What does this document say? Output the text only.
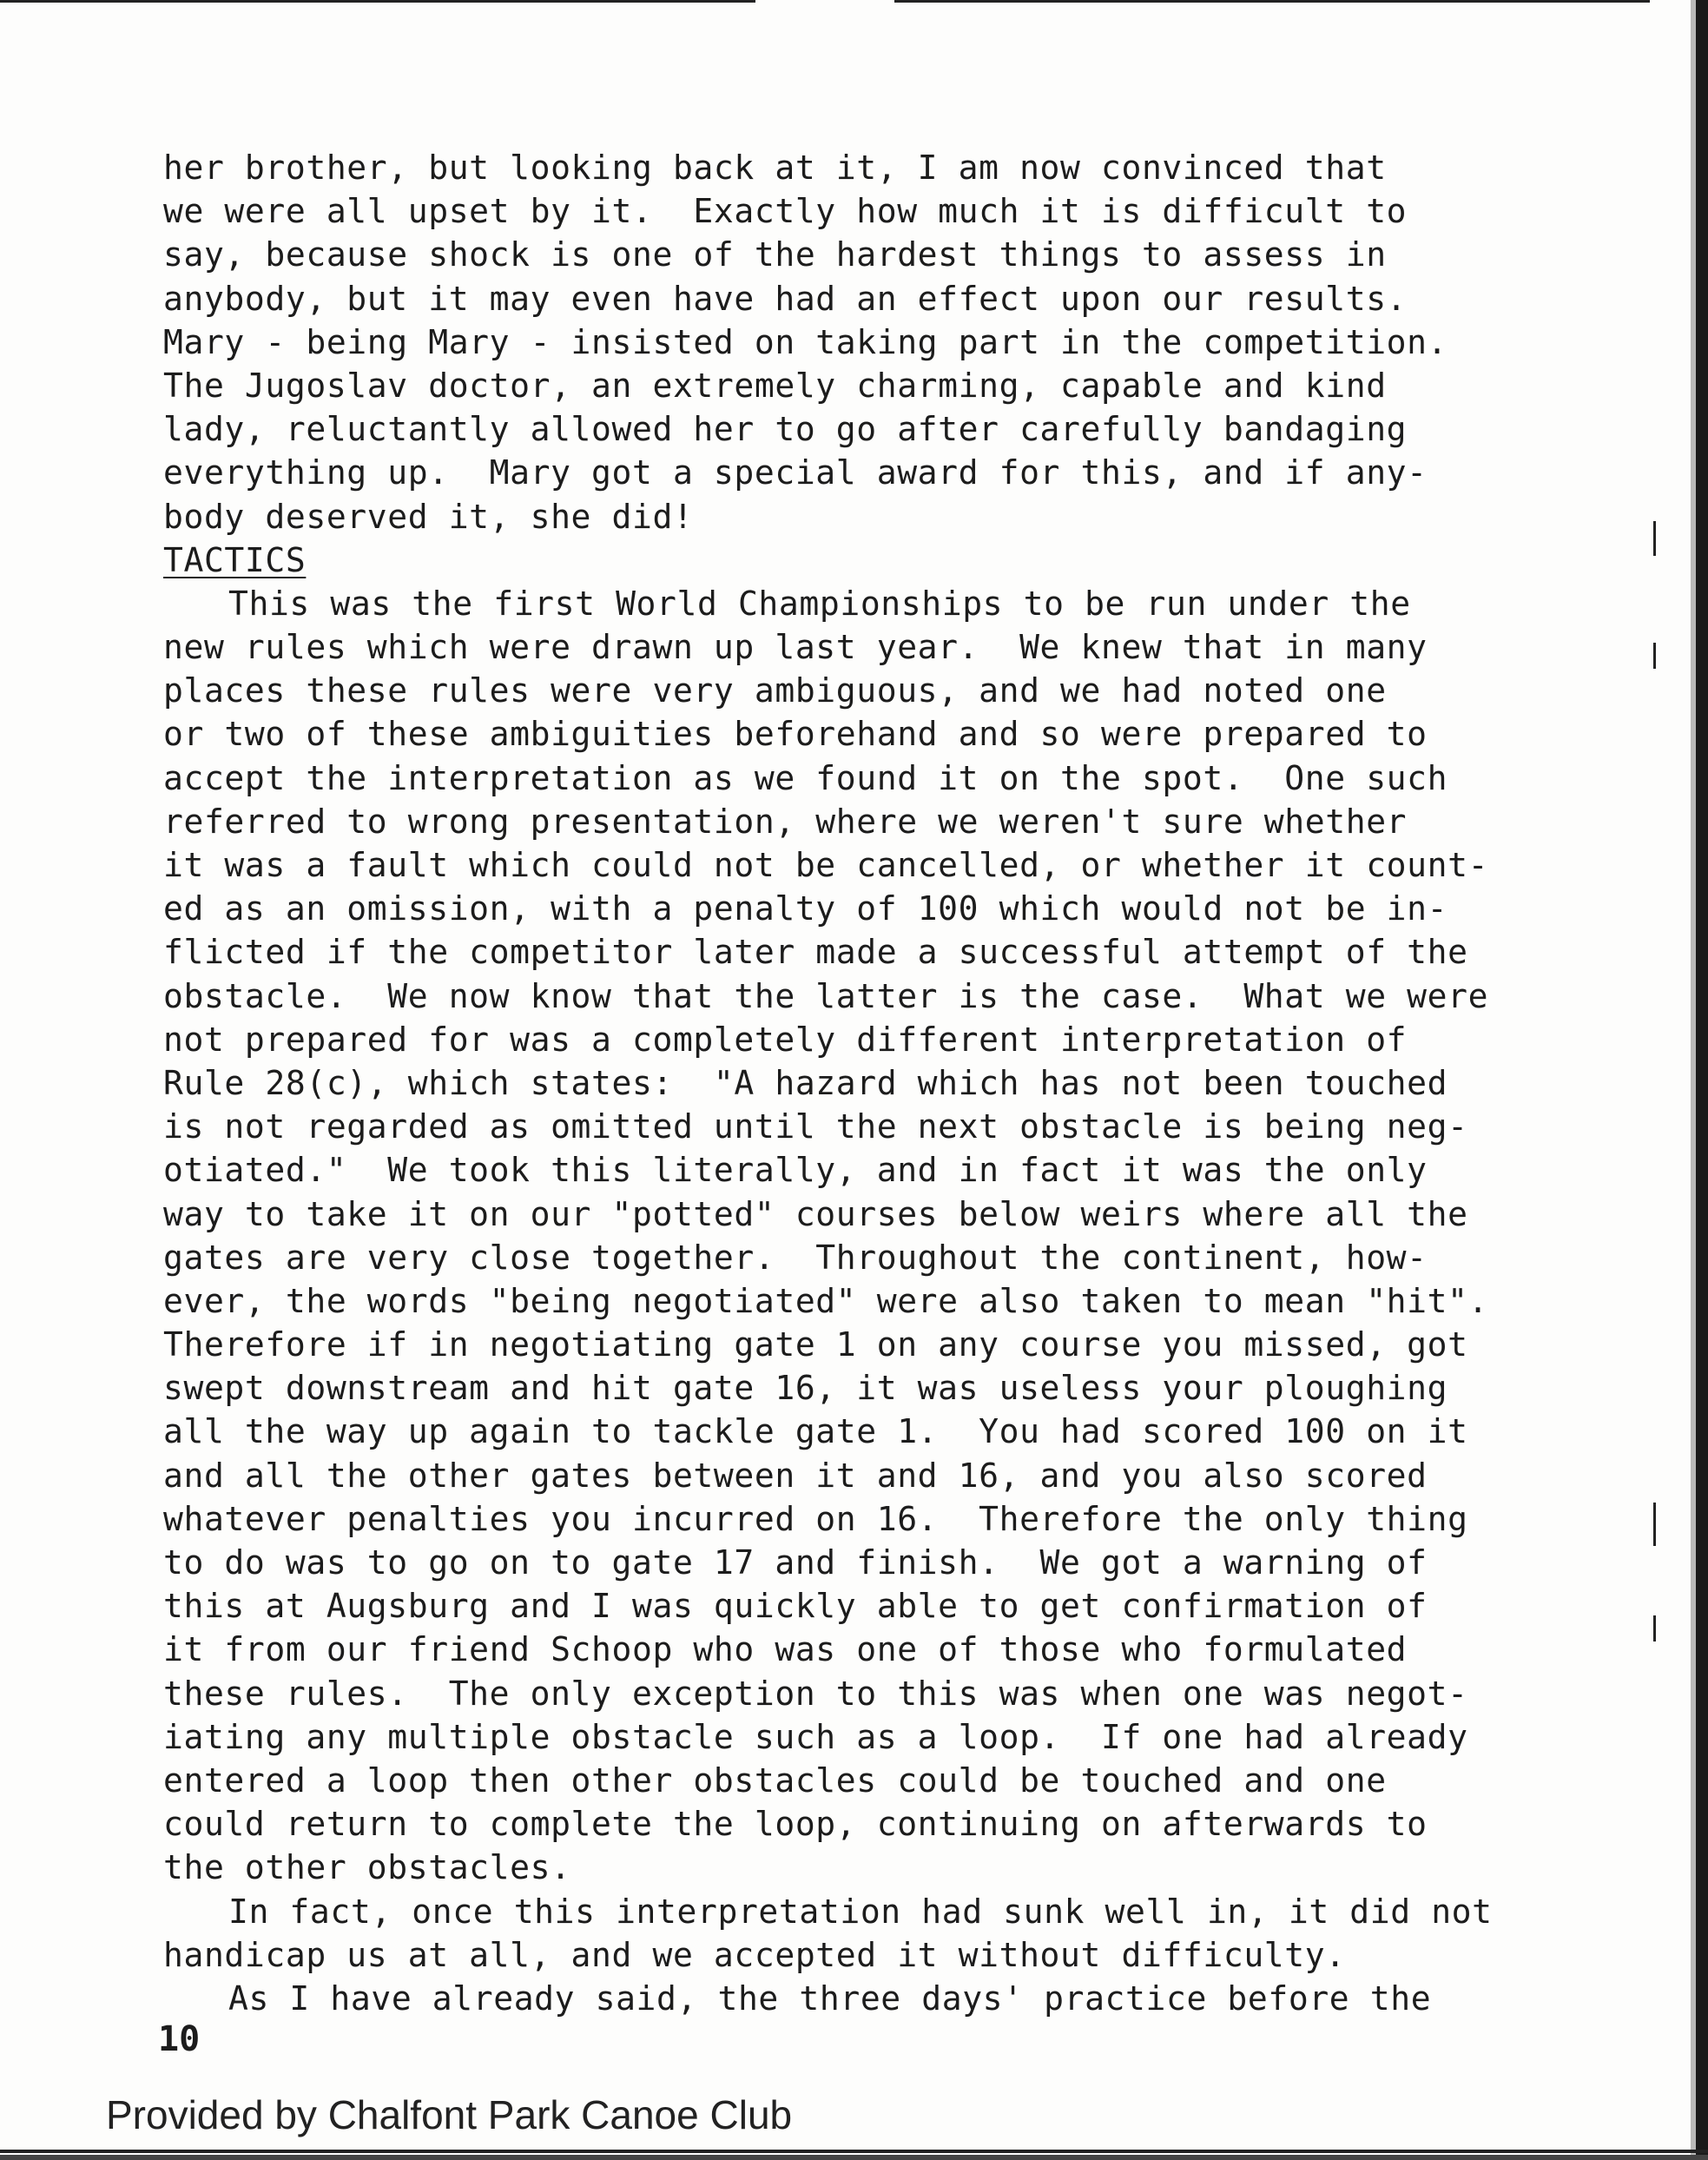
her brother, but looking back at it, I am now convinced that
we were all upset by it.  Exactly how much it is difficult to
say, because shock is one of the hardest things to assess in
anybody, but it may even have had an effect upon our results.
Mary - being Mary - insisted on taking part in the competition.
The Jugoslav doctor, an extremely charming, capable and kind
lady, reluctantly allowed her to go after carefully bandaging
everything up.  Mary got a special award for this, and if any-
body deserved it, she did!
TACTICS
This was the first World Championships to be run under the
new rules which were drawn up last year.  We knew that in many
places these rules were very ambiguous, and we had noted one
or two of these ambiguities beforehand and so were prepared to
accept the interpretation as we found it on the spot.  One such
referred to wrong presentation, where we weren't sure whether
it was a fault which could not be cancelled, or whether it count-
ed as an omission, with a penalty of 100 which would not be in-
flicted if the competitor later made a successful attempt of the
obstacle.  We now know that the latter is the case.  What we were
not prepared for was a completely different interpretation of
Rule 28(c), which states:  "A hazard which has not been touched
is not regarded as omitted until the next obstacle is being neg-
otiated."  We took this literally, and in fact it was the only
way to take it on our "potted" courses below weirs where all the
gates are very close together.  Throughout the continent, how-
ever, the words "being negotiated" were also taken to mean "hit".
Therefore if in negotiating gate 1 on any course you missed, got
swept downstream and hit gate 16, it was useless your ploughing
all the way up again to tackle gate 1.  You had scored 100 on it
and all the other gates between it and 16, and you also scored
whatever penalties you incurred on 16.  Therefore the only thing
to do was to go on to gate 17 and finish.  We got a warning of
this at Augsburg and I was quickly able to get confirmation of
it from our friend Schoop who was one of those who formulated
these rules.  The only exception to this was when one was negot-
iating any multiple obstacle such as a loop.  If one had already
entered a loop then other obstacles could be touched and one
could return to complete the loop, continuing on afterwards to
the other obstacles.
In fact, once this interpretation had sunk well in, it did not
handicap us at all, and we accepted it without difficulty.
As I have already said, the three days' practice before the
10
Provided by Chalfont Park Canoe Club
